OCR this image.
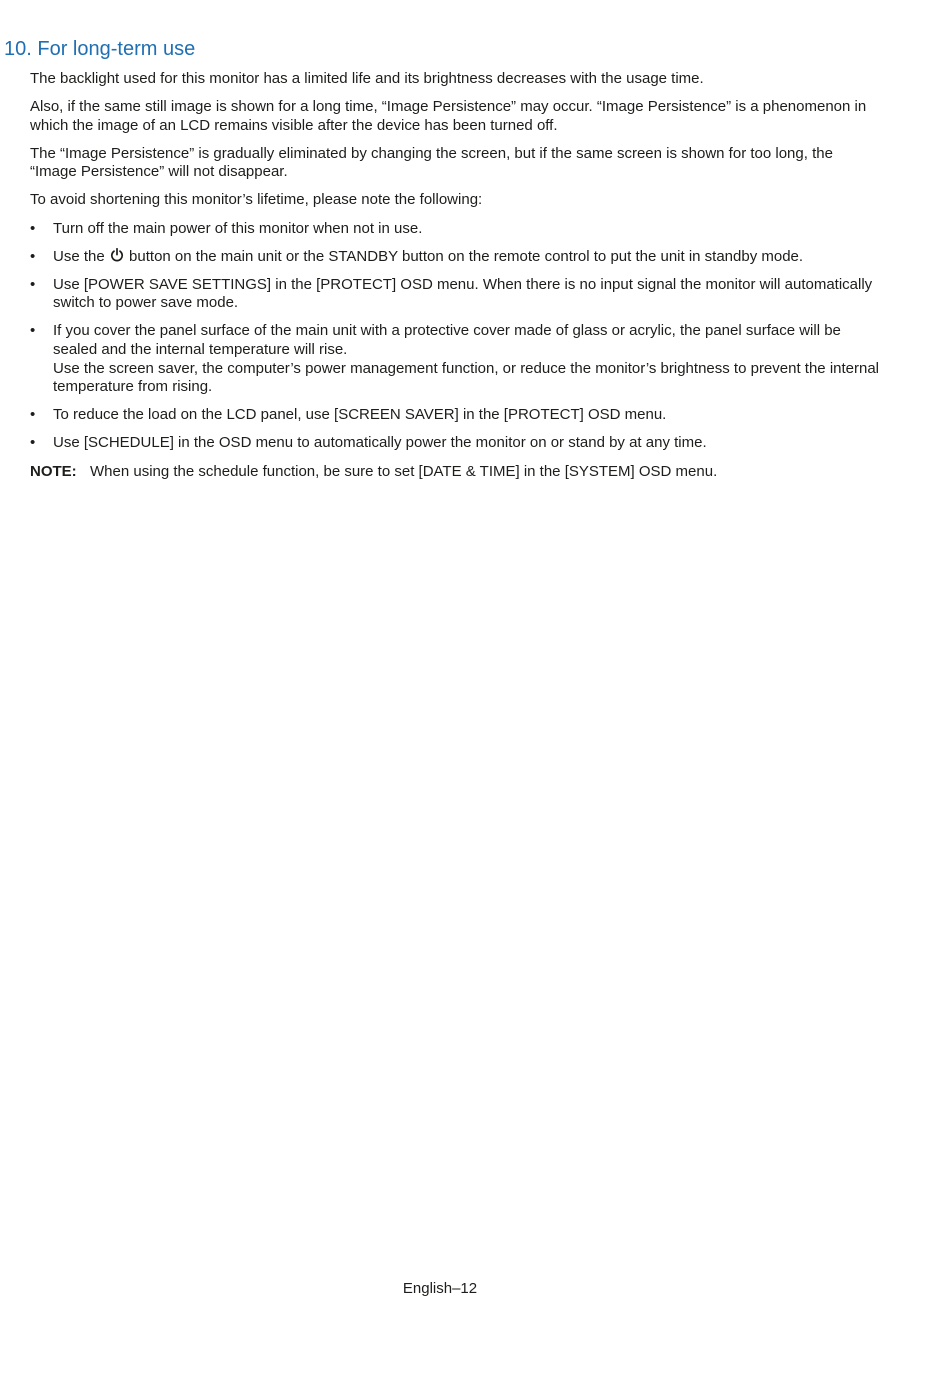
10. For long-term use

The backlight used for this monitor has a limited life and its brightness decreases with the usage time.

Also, if the same still image is shown for a long time, “Image Persistence” may occur. “Image Persistence” is a phenomenon in which the image of an LCD remains visible after the device has been turned off.

The “Image Persistence” is gradually eliminated by changing the screen, but if the same screen is shown for too long, the “Image Persistence” will not disappear.

To avoid shortening this monitor’s lifetime, please note the following:

• Turn off the main power of this monitor when not in use.
• Use the button on the main unit or the STANDBY button on the remote control to put the unit in standby mode.
• Use [POWER SAVE SETTINGS] in the [PROTECT] OSD menu. When there is no input signal the monitor will automatically switch to power save mode.
• If you cover the panel surface of the main unit with a protective cover made of glass or acrylic, the panel surface will be sealed and the internal temperature will rise.
Use the screen saver, the computer’s power management function, or reduce the monitor’s brightness to prevent the internal temperature from rising.
• To reduce the load on the LCD panel, use [SCREEN SAVER] in the [PROTECT] OSD menu.
• Use [SCHEDULE] in the OSD menu to automatically power the monitor on or stand by at any time.

NOTE: When using the schedule function, be sure to set [DATE & TIME] in the [SYSTEM] OSD menu.

English–12
